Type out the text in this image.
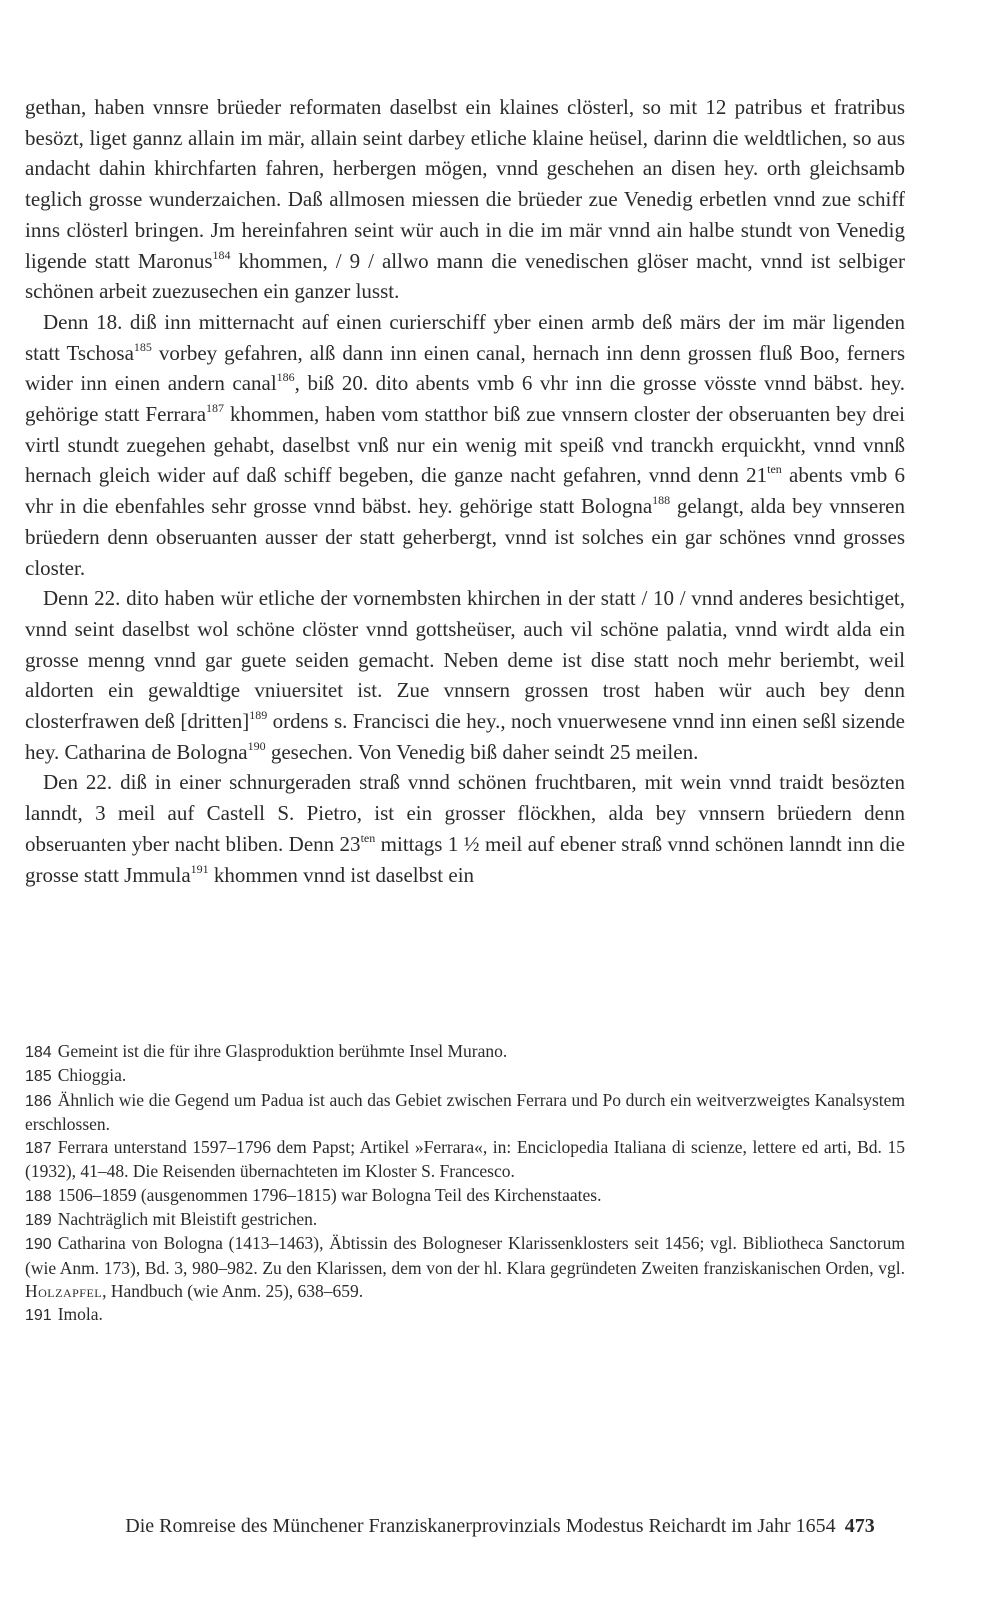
gethan, haben vnnsre brüeder reformaten daselbst ein klaines clösterl, so mit 12 patribus et fratribus besözt, liget gannz allain im mär, allain seint darbey etliche klaine heüsel, darinn die weldtlichen, so aus andacht dahin khirchfarten fahren, herbergen mögen, vnnd geschehen an disen hey. orth gleichsamb teglich grosse wunderzaichen. Daß allmosen miessen die brüeder zue Venedig erbetlen vnnd zue schiff inns clösterl bringen. Jm hereinfahren seint wür auch in die im mär vnnd ain halbe stundt von Venedig ligende statt Maronus$^{184}$ khommen, / 9 / allwo mann die venedischen glöser macht, vnnd ist selbiger schönen arbeit zuezusechen ein ganzer lusst.

Denn 18. diß inn mitternacht auf einen curierschiff yber einen armb deß märs der im mär ligenden statt Tschosa$^{185}$ vorbey gefahren, alß dann inn einen canal, hernach inn denn grossen fluß Boo, ferners wider inn einen andern canal$^{186}$, biß 20. dito abents vmb 6 vhr inn die grosse vösste vnnd bäbst. hey. gehörige statt Ferrara$^{187}$ khommen, haben vom statthor biß zue vnnsern closter der obseruanten bey drei virtl stundt zuegehen gehabt, daselbst vnß nur ein wenig mit speiß vnd tranckh erquickht, vnnd vnnß hernach gleich wider auf daß schiff begeben, die ganze nacht gefahren, vnnd denn $21^{ten}$ abents vmb 6 vhr in die ebenfahles sehr grosse vnnd bäbst. hey. gehörige statt Bologna$^{188}$ gelangt, alda bey vnnseren brüedern denn obseruanten ausser der statt geherbergt, vnnd ist solches ein gar schönes vnnd grosses closter.

Denn 22. dito haben wür etliche der vornembsten khirchen in der statt / 10 / vnnd anderes besichtiget, vnnd seint daselbst wol schöne clöster vnnd gottsheüser, auch vil schöne palatia, vnnd wirdt alda ein grosse menng vnnd gar guete seiden gemacht. Neben deme ist dise statt noch mehr beriembt, weil aldorten ein gewaldtige vniuersitet ist. Zue vnnsern grossen trost haben wür auch bey denn closterfrawen deß [dritten]$^{189}$ ordens s. Francisci die hey., noch vnuerwesene vnnd inn einen seßl sizende hey. Catharina de Bologna$^{190}$ gesechen. Von Venedig biß daher seindt 25 meilen.

Den 22. diß in einer schnurgeraden straß vnnd schönen fruchtbaren, mit wein vnnd traidt besözten lanndt, 3 meil auf Castell S. Pietro, ist ein grosser flöckhen, alda bey vnnsern brüedern denn obseruanten yber nacht bliben. Denn $23^{ten}$ mittags 1 ½ meil auf ebener straß vnnd schönen lanndt inn die grosse statt Jmmula$^{191}$ khommen vnnd ist daselbst ein

184 Gemeint ist die für ihre Glasproduktion berühmte Insel Murano.

185 Chioggia.

186 Ähnlich wie die Gegend um Padua ist auch das Gebiet zwischen Ferrara und Po durch ein weitverzweigtes Kanalsystem erschlossen.

187 Ferrara unterstand 1597–1796 dem Papst; Artikel »Ferrara«, in: Enciclopedia Italiana di scienze, lettere ed arti, Bd. 15 (1932), 41–48. Die Reisenden übernachteten im Kloster S. Francesco.

188 1506–1859 (ausgenommen 1796–1815) war Bologna Teil des Kirchenstaates.

189 Nachträglich mit Bleistift gestrichen.

190 Catharina von Bologna (1413–1463), Äbtissin des Bologneser Klarissenklosters seit 1456; vgl. Bibliotheca Sanctorum (wie Anm. 173), Bd. 3, 980–982. Zu den Klarissen, dem von der hl. Klara gegründeten Zweiten franziskanischen Orden, vgl. Holzapfel, Handbuch (wie Anm. 25), 638–659.

191 Imola.

Die Romreise des Münchener Franziskanerprovinzials Modestus Reichardt im Jahr 1654 473
